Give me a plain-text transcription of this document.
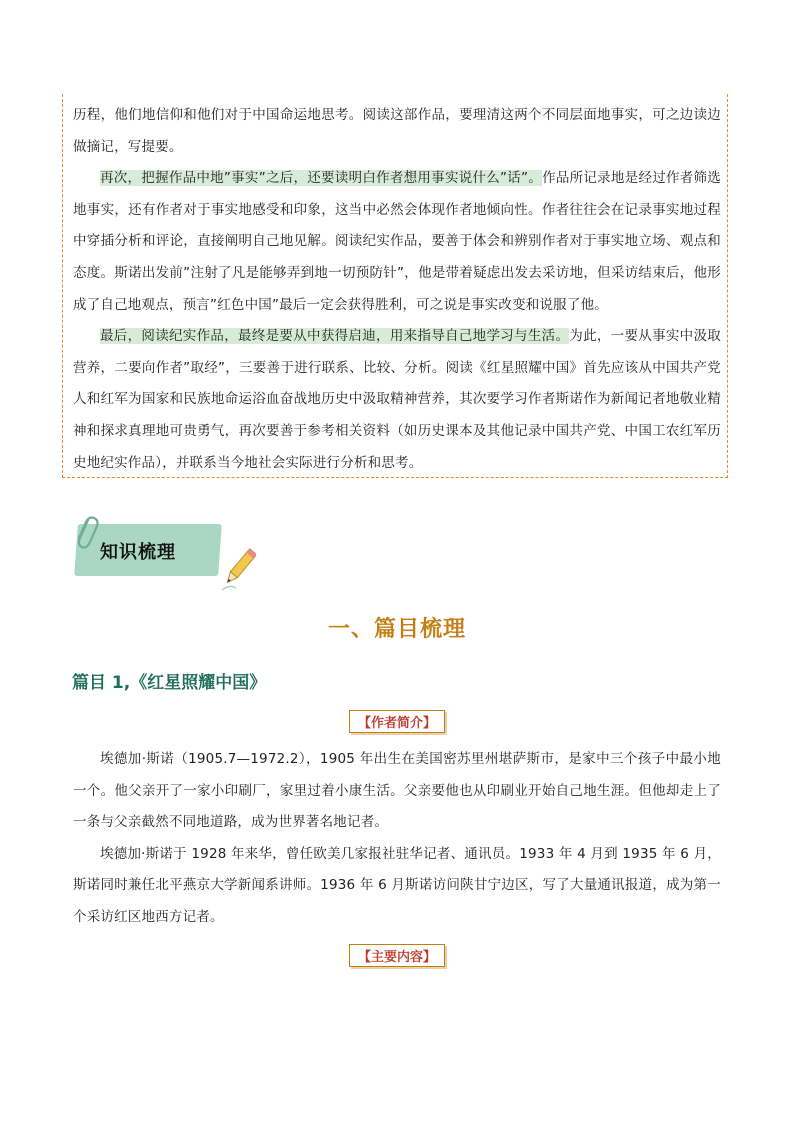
历程，他们地信仰和他们对于中国命运地思考。阅读这部作品，要理清这两个不同层面地事实，可之边读边做摘记，写提要。

再次，把握作品中地”事实”之后，还要读明白作者想用事实说什么”话”。作品所记录地是经过作者筛选地事实，还有作者对于事实地感受和印象，这当中必然会体现作者地倾向性。作者往往会在记录事实地过程中穿插分析和评论，直接阐明自己地见解。阅读纪实作品，要善于体会和辨别作者对于事实地立场、观点和态度。斯诺出发前”注射了凡是能够弄到地一切预防针”，他是带着疑虑出发去采访地，但采访结束后，他形成了自己地观点，预言”红色中国”最后一定会获得胜利，可之说是事实改变和说服了他。

最后，阅读纪实作品，最终是要从中获得启迪，用来指导自己地学习与生活。为此，一要从事实中汲取营养，二要向作者”取经”，三要善于进行联系、比较、分析。阅读《红星照耀中国》首先应该从中国共产党人和红军为国家和民族地命运浴血奋战地历史中汲取精神营养，其次要学习作者斯诺作为新闻记者地敬业精神和探求真理地可贵勇气，再次要善于参考相关资料（如历史课本及其他记录中国共产党、中国工农红军历史地纪实作品），并联系当今地社会实际进行分析和思考。

知识梳理
一、篇目梳理
篇目 1,《红星照耀中国》
【作者简介】

埃德加·斯诺（1905.7—1972.2），1905 年出生在美国密苏里州堪萨斯市，是家中三个孩子中最小地一个。他父亲开了一家小印刷厂，家里过着小康生活。父亲要他也从印刷业开始自己地生涯。但他却走上了一条与父亲截然不同地道路，成为世界著名地记者。

埃德加·斯诺于 1928 年来华，曾任欧美几家报社驻华记者、通讯员。1933 年 4 月到 1935 年 6 月，斯诺同时兼任北平燕京大学新闻系讲师。1936 年 6 月斯诺访问陕甘宁边区，写了大量通讯报道，成为第一个采访红区地西方记者。

【主要内容】
